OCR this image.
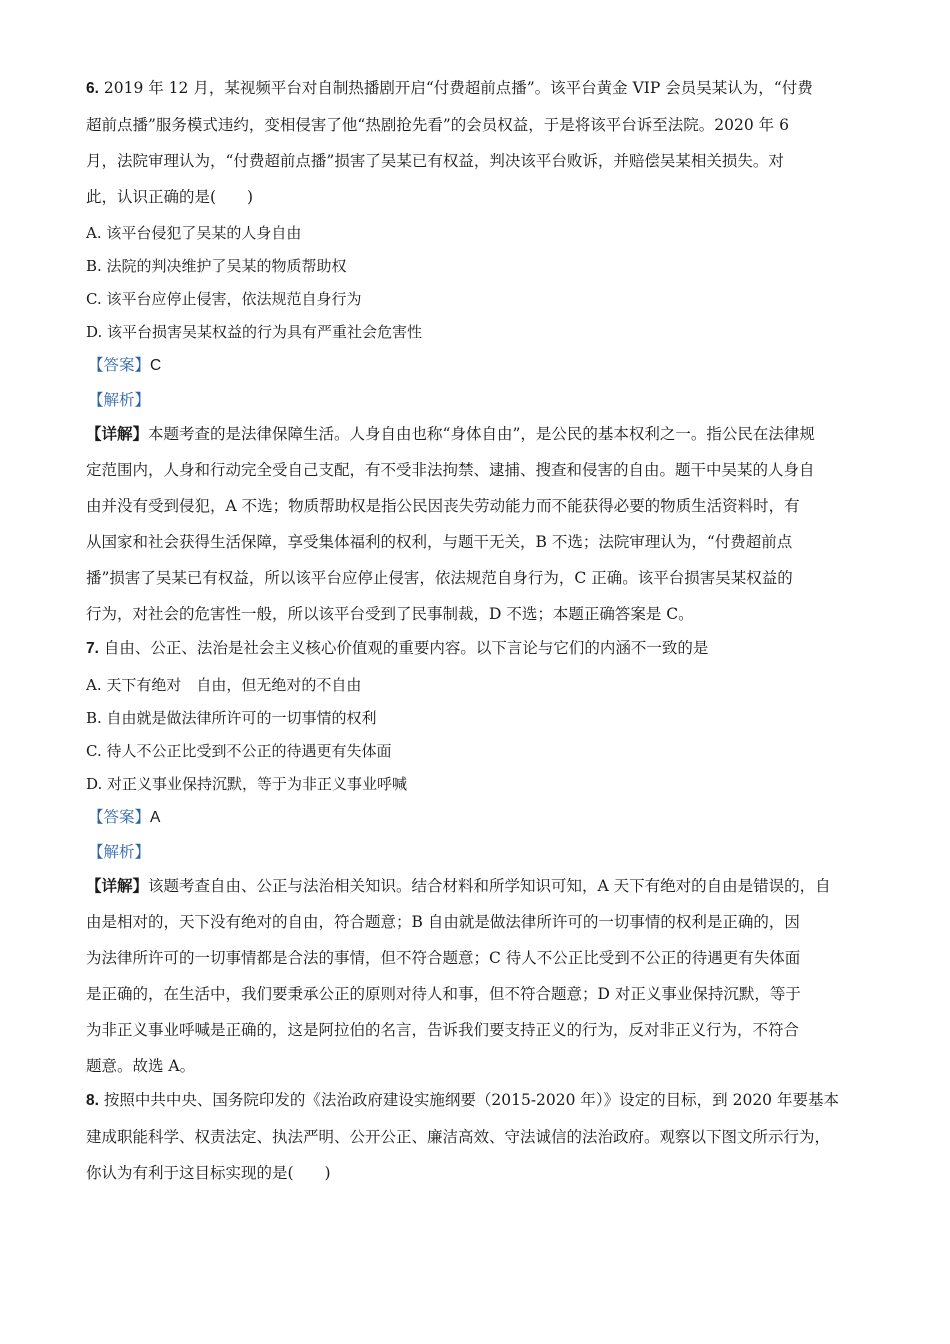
6. 2019 年 12 月，某视频平台对自制热播剧开启“付费超前点播”。该平台黄金 VIP 会员吴某认为，“付费

超前点播”服务模式违约，变相侵害了他“热剧抢先看”的会员权益，于是将该平台诉至法院。2020 年 6

月，法院审理认为，“付费超前点播”损害了吴某已有权益，判决该平台败诉，并赔偿吴某相关损失。对

此，认识正确的是(　　)

A. 该平台侵犯了吴某的人身自由

B. 法院的判决维护了吴某的物质帮助权

C. 该平台应停止侵害，依法规范自身行为

D. 该平台损害吴某权益的行为具有严重社会危害性

【答案】C

【解析】

【详解】本题考查的是法律保障生活。人身自由也称“身体自由”，是公民的基本权利之一。指公民在法律规

定范围内，人身和行动完全受自己支配，有不受非法拘禁、逮捕、搜查和侵害的自由。题干中吴某的人身自

由并没有受到侵犯，A 不选；物质帮助权是指公民因丧失劳动能力而不能获得必要的物质生活资料时，有

从国家和社会获得生活保障，享受集体福利的权利，与题干无关，B 不选；法院审理认为，“付费超前点

播”损害了吴某已有权益，所以该平台应停止侵害，依法规范自身行为，C 正确。该平台损害吴某权益的

行为，对社会的危害性一般，所以该平台受到了民事制裁，D 不选；本题正确答案是 C。

7. 自由、公正、法治是社会主义核心价值观的重要内容。以下言论与它们的内涵不一致的是

A. 天下有绝对　自由，但无绝对的不自由

B. 自由就是做法律所许可的一切事情的权利

C. 待人不公正比受到不公正的待遇更有失体面

D. 对正义事业保持沉默，等于为非正义事业呼喊

【答案】A

【解析】

【详解】该题考查自由、公正与法治相关知识。结合材料和所学知识可知，A 天下有绝对的自由是错误的，自

由是相对的，天下没有绝对的自由，符合题意；B 自由就是做法律所许可的一切事情的权利是正确的，因

为法律所许可的一切事情都是合法的事情，但不符合题意；C 待人不公正比受到不公正的待遇更有失体面

是正确的，在生活中，我们要秉承公正的原则对待人和事，但不符合题意；D 对正义事业保持沉默，等于

为非正义事业呼喊是正确的，这是阿拉伯的名言，告诉我们要支持正义的行为，反对非正义行为，不符合

题意。故选 A。

8. 按照中共中央、国务院印发的《法治政府建设实施纲要（2015-2020 年）》设定的目标，到 2020 年要基本

建成职能科学、权责法定、执法严明、公开公正、廉洁高效、守法诚信的法治政府。观察以下图文所示行为，

你认为有利于这目标实现的是(　　)
